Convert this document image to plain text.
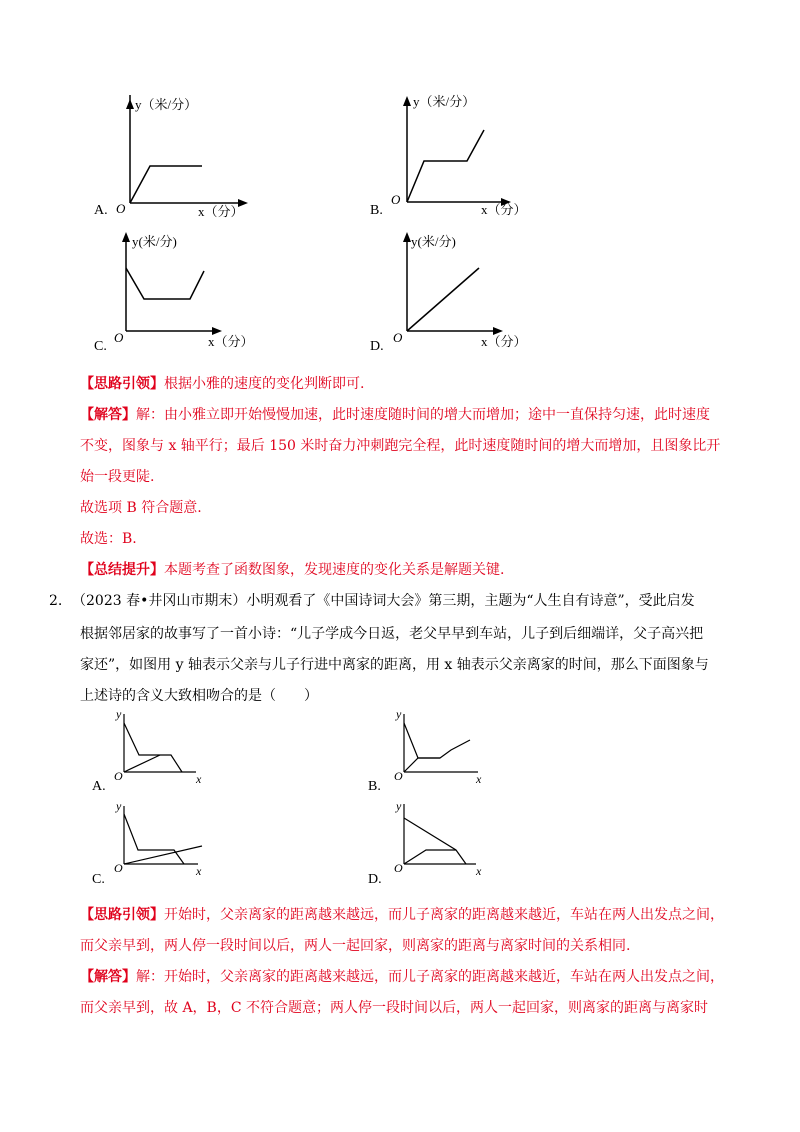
y（米/分）
O	x（分）
A.
y（米/分）
O
x（分）
B.
y(米/分)
O	x（分）
C.
y(米/分)
O	x（分）
D.
【思路引领】根据小雅的速度的变化判断即可.
【解答】解：由小雅立即开始慢慢加速，此时速度随时间的增大而增加；途中一直保持匀速，此时速度
不变，图象与 x 轴平行；最后 150 米时奋力冲刺跑完全程，此时速度随时间的增大而增加，且图象比开
始一段更陡.
故选项 B 符合题意.
故选：B.
【总结提升】本题考查了函数图象，发现速度的变化关系是解题关键.
2. （2023 春•井冈山市期末）小明观看了《中国诗词大会》第三期，主题为“人生自有诗意”，受此启发
根据邻居家的故事写了一首小诗：“儿子学成今日返，老父早早到车站，儿子到后细端详，父子高兴把
家还”，如图用 y 轴表示父亲与儿子行进中离家的距离，用 x 轴表示父亲离家的时间，那么下面图象与
上述诗的含义大致相吻合的是（　　）
y
O	x
A.
y
O	x
B.
y
O	x
C.
y
O	x
D.
【思路引领】开始时，父亲离家的距离越来越远，而儿子离家的距离越来越近，车站在两人出发点之间，
而父亲早到，两人停一段时间以后，两人一起回家，则离家的距离与离家时间的关系相同.
【解答】解：开始时，父亲离家的距离越来越远，而儿子离家的距离越来越近，车站在两人出发点之间，
而父亲早到，故 A，B，C 不符合题意；两人停一段时间以后，两人一起回家，则离家的距离与离家时
